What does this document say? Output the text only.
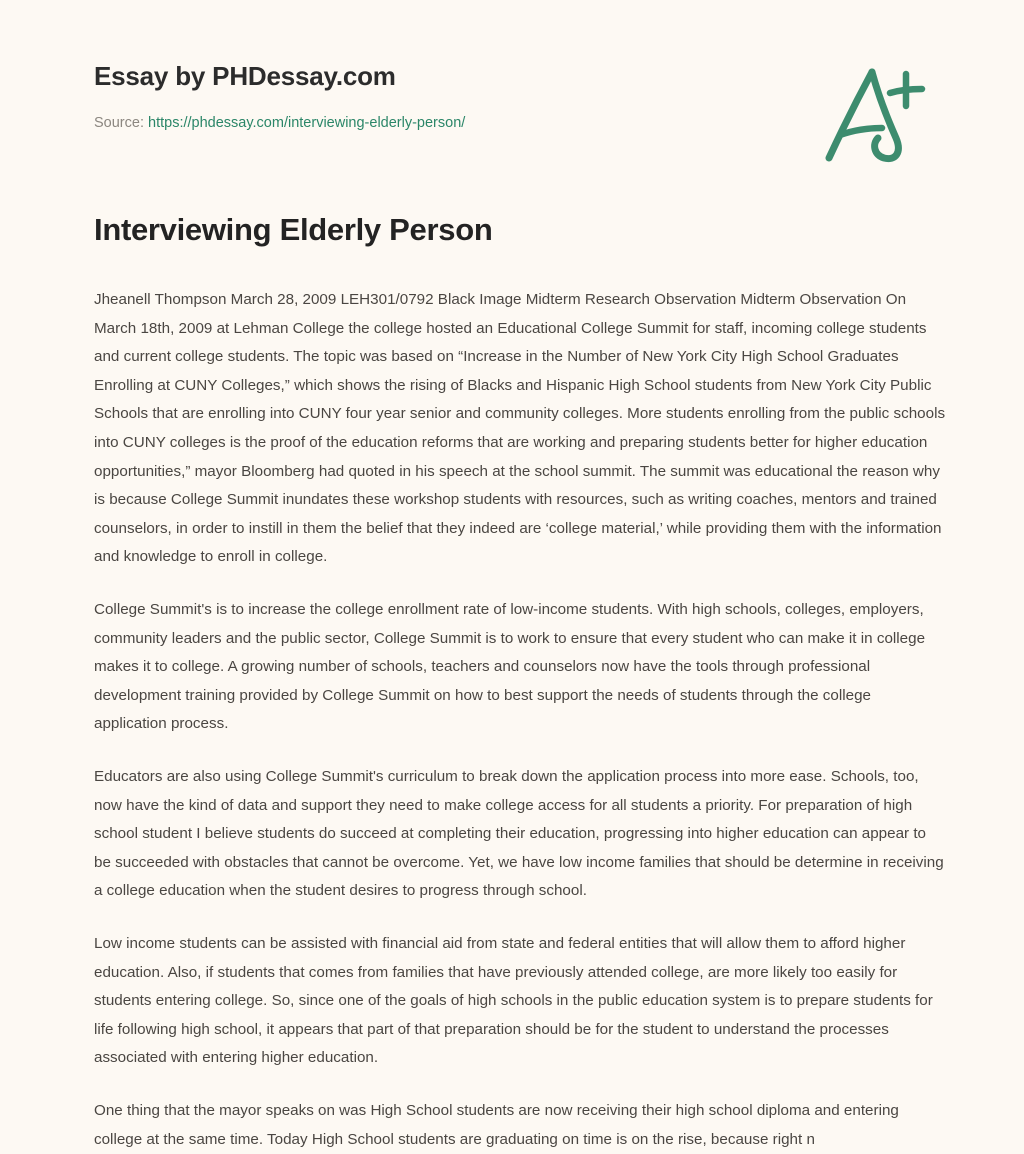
Essay by PHDessay.com
Source: https://phdessay.com/interviewing-elderly-person/
Interviewing Elderly Person

Jheanell Thompson March 28, 2009 LEH301/0792 Black Image Midterm Research Observation Midterm Observation On March 18th, 2009 at Lehman College the college hosted an Educational College Summit for staff, incoming college students and current college students. The topic was based on “Increase in the Number of New York City High School Graduates Enrolling at CUNY Colleges,” which shows the rising of Blacks and Hispanic High School students from New York City Public Schools that are enrolling into CUNY four year senior and community colleges. More students enrolling from the public schools into CUNY colleges is the proof of the education reforms that are working and preparing students better for higher education opportunities,” mayor Bloomberg had quoted in his speech at the school summit. The summit was educational the reason why is because College Summit inundates these workshop students with resources, such as writing coaches, mentors and trained counselors, in order to instill in them the belief that they indeed are ‘college material,’ while providing them with the information and knowledge to enroll in college.

College Summit's is to increase the college enrollment rate of low-income students. With high schools, colleges, employers, community leaders and the public sector, College Summit is to work to ensure that every student who can make it in college makes it to college. A growing number of schools, teachers and counselors now have the tools through professional development training provided by College Summit on how to best support the needs of students through the college application process.

Educators are also using College Summit's curriculum to break down the application process into more ease. Schools, too, now have the kind of data and support they need to make college access for all students a priority. For preparation of high school student I believe students do succeed at completing their education, progressing into higher education can appear to be succeeded with obstacles that cannot be overcome. Yet, we have low income families that should be determine in receiving a college education when the student desires to progress through school.

Low income students can be assisted with financial aid from state and federal entities that will allow them to afford higher education. Also, if students that comes from families that have previously attended college, are more likely too easily for students entering college. So, since one of the goals of high schools in the public education system is to prepare students for life following high school, it appears that part of that preparation should be for the student to understand the processes associated with entering higher education.

One thing that the mayor speaks on was High School students are now receiving their high school diploma and entering college at the same time. Today High School students are graduating on time is on the rise, because right n
